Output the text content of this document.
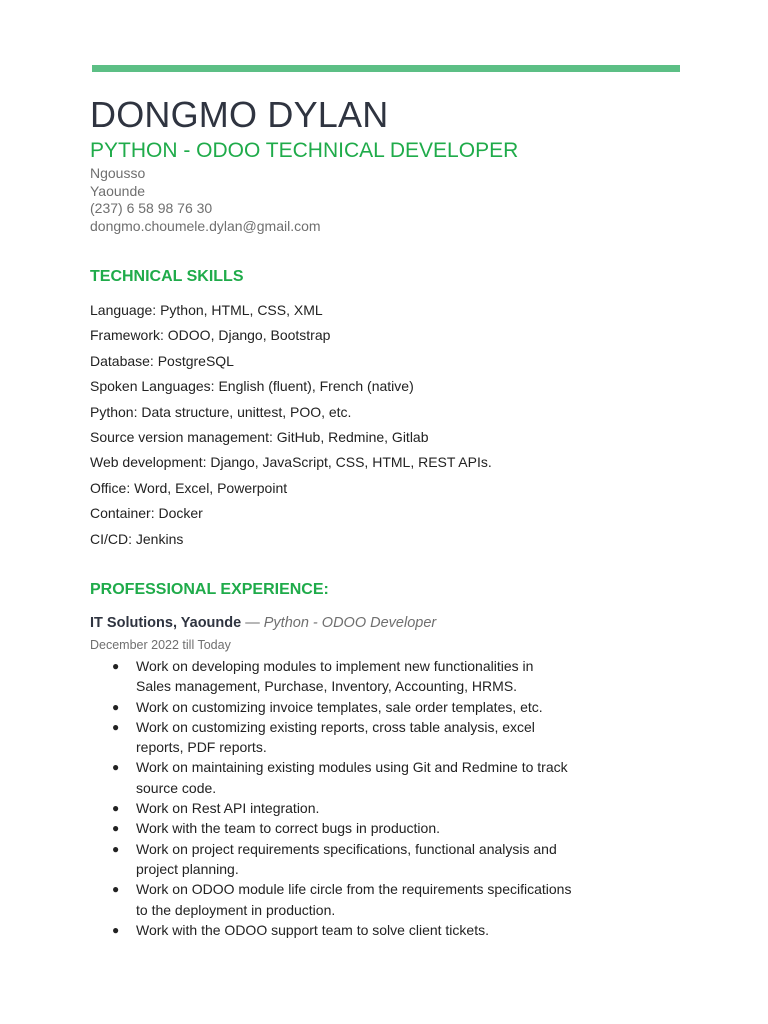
DONGMO DYLAN
PYTHON - ODOO TECHNICAL DEVELOPER
Ngousso
Yaounde
(237) 6 58 98 76 30
dongmo.choumele.dylan@gmail.com
TECHNICAL SKILLS
Language: Python, HTML, CSS, XML
Framework: ODOO, Django, Bootstrap
Database: PostgreSQL
Spoken Languages: English (fluent), French (native)
Python: Data structure, unittest, POO, etc.
Source version management: GitHub, Redmine, Gitlab
Web development: Django, JavaScript, CSS, HTML, REST APIs.
Office: Word, Excel, Powerpoint
Container: Docker
CI/CD: Jenkins
PROFESSIONAL EXPERIENCE:
IT Solutions, Yaounde — Python - ODOO Developer
December 2022 till Today
● Work on developing modules to implement new functionalities in Sales management, Purchase, Inventory, Accounting, HRMS.
● Work on customizing invoice templates, sale order templates, etc.
● Work on customizing existing reports, cross table analysis, excel reports, PDF reports.
● Work on maintaining existing modules using Git and Redmine to track source code.
● Work on Rest API integration.
● Work with the team to correct bugs in production.
● Work on project requirements specifications, functional analysis and project planning.
● Work on ODOO module life circle from the requirements specifications to the deployment in production.
● Work with the ODOO support team to solve client tickets.
